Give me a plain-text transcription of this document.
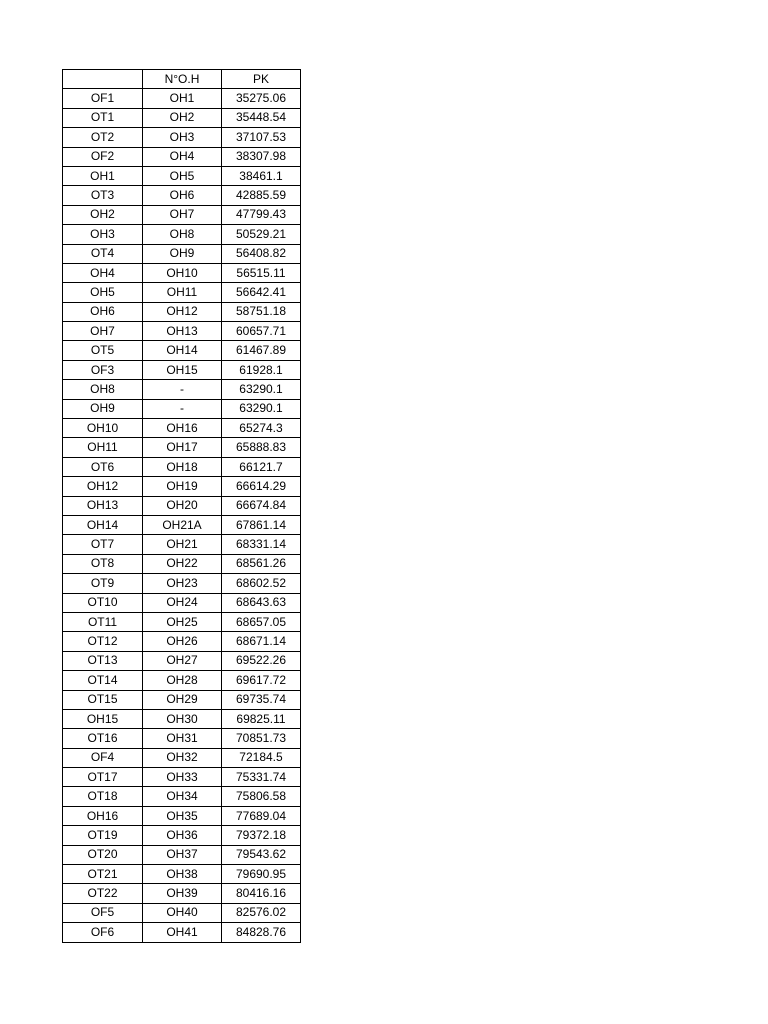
	N°O.H	PK
OF1	OH1	35275.06
OT1	OH2	35448.54
OT2	OH3	37107.53
OF2	OH4	38307.98
OH1	OH5	38461.1
OT3	OH6	42885.59
OH2	OH7	47799.43
OH3	OH8	50529.21
OT4	OH9	56408.82
OH4	OH10	56515.11
OH5	OH11	56642.41
OH6	OH12	58751.18
OH7	OH13	60657.71
OT5	OH14	61467.89
OF3	OH15	61928.1
OH8	-	63290.1
OH9	-	63290.1
OH10	OH16	65274.3
OH11	OH17	65888.83
OT6	OH18	66121.7
OH12	OH19	66614.29
OH13	OH20	66674.84
OH14	OH21A	67861.14
OT7	OH21	68331.14
OT8	OH22	68561.26
OT9	OH23	68602.52
OT10	OH24	68643.63
OT11	OH25	68657.05
OT12	OH26	68671.14
OT13	OH27	69522.26
OT14	OH28	69617.72
OT15	OH29	69735.74
OH15	OH30	69825.11
OT16	OH31	70851.73
OF4	OH32	72184.5
OT17	OH33	75331.74
OT18	OH34	75806.58
OH16	OH35	77689.04
OT19	OH36	79372.18
OT20	OH37	79543.62
OT21	OH38	79690.95
OT22	OH39	80416.16
OF5	OH40	82576.02
OF6	OH41	84828.76
